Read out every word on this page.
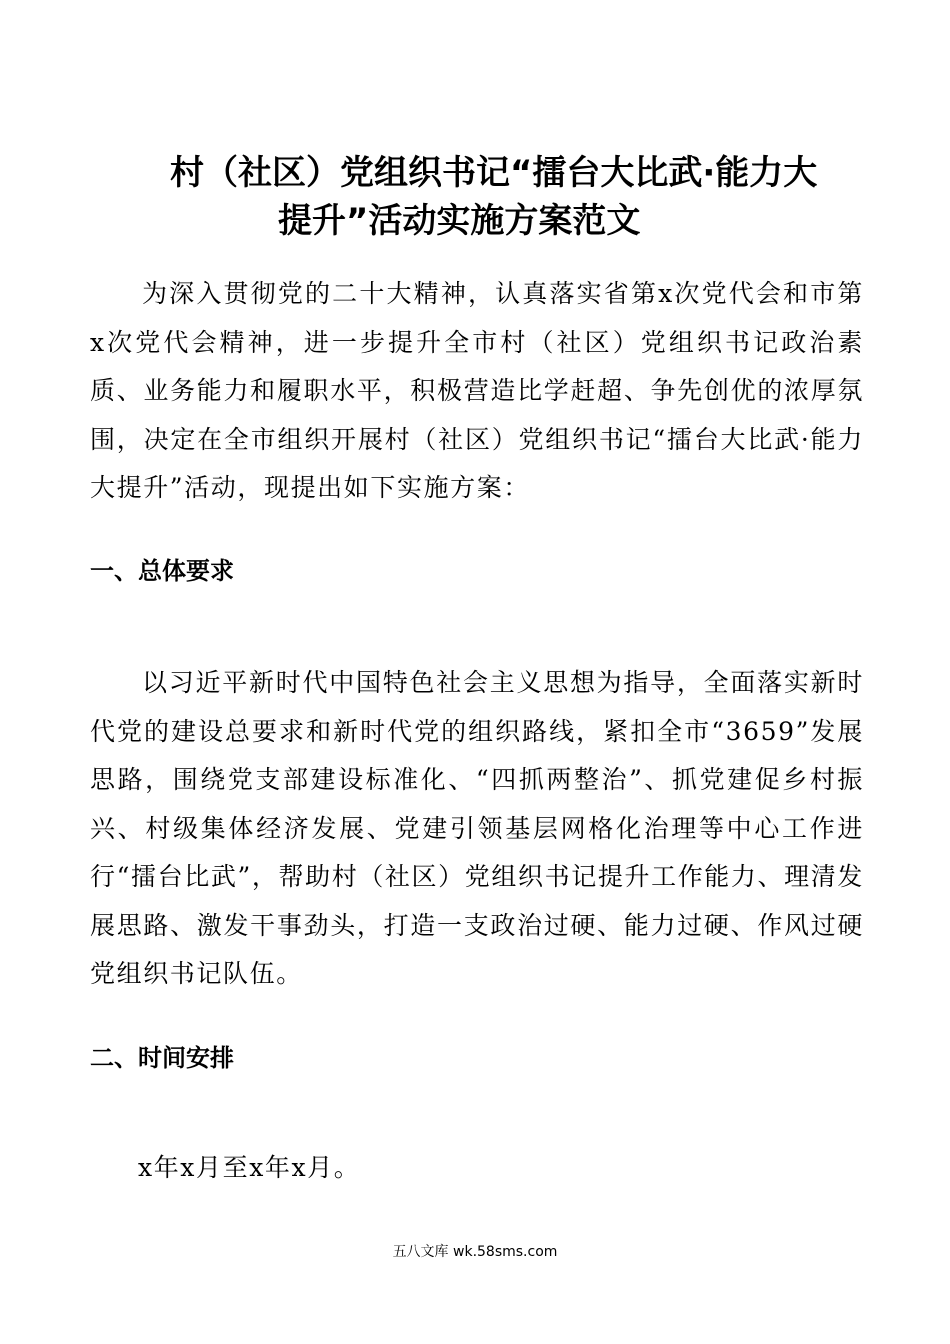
村（社区）党组织书记“擂台大比武·能力大
提升”活动实施方案范文
为深入贯彻党的二十大精神，认真落实省第x次党代会和市第x次党代会精神，进一步提升全市村（社区）党组织书记政治素质、业务能力和履职水平，积极营造比学赶超、争先创优的浓厚氛围，决定在全市组织开展村（社区）党组织书记“擂台大比武·能力大提升”活动，现提出如下实施方案：
一、总体要求
以习近平新时代中国特色社会主义思想为指导，全面落实新时代党的建设总要求和新时代党的组织路线，紧扣全市“3659”发展思路，围绕党支部建设标准化、“四抓两整治”、抓党建促乡村振兴、村级集体经济发展、党建引领基层网格化治理等中心工作进行“擂台比武”，帮助村（社区）党组织书记提升工作能力、理清发展思路、激发干事劲头，打造一支政治过硬、能力过硬、作风过硬党组织书记队伍。
二、时间安排
x年x月至x年x月。
五八文库 wk.58sms.com
